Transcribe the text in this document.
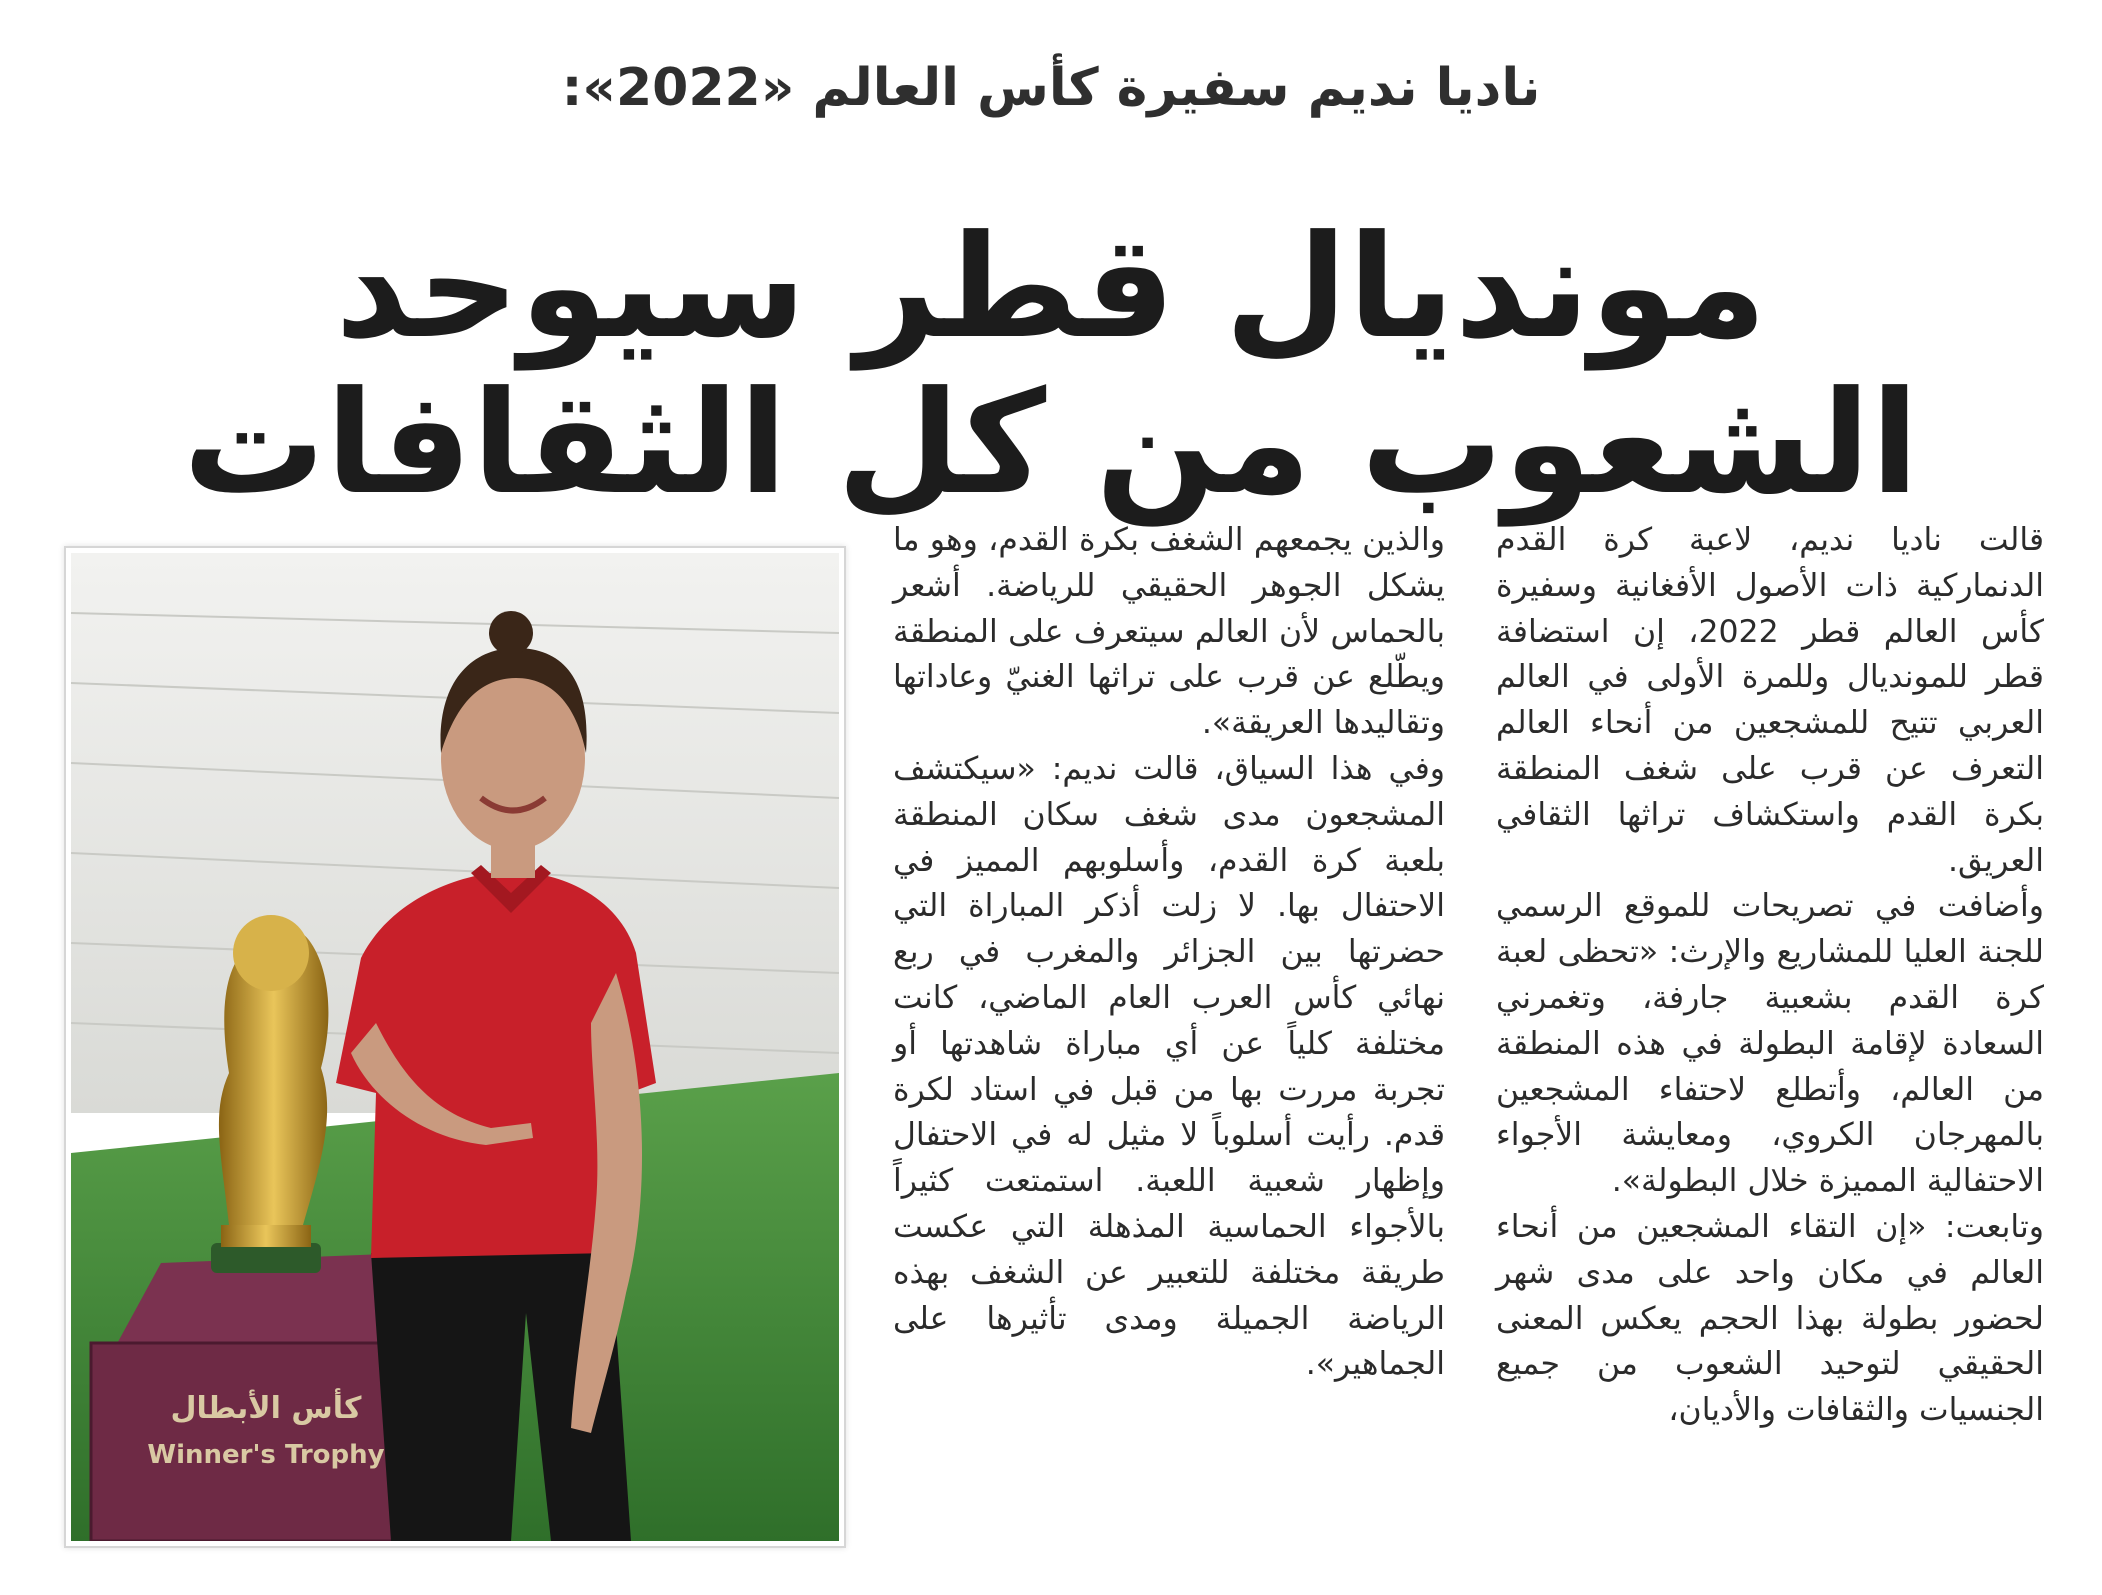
ناديا نديم سفيرة كأس العالم «2022»:
مونديال قطر سيوحد الشعوب من كل الثقافات

قالت ناديا نديم، لاعبة كرة القدم الدنماركية ذات الأصول الأفغانية وسفيرة كأس العالم قطر 2022، إن استضافة قطر للمونديال وللمرة الأولى في العالم العربي تتيح للمشجعين من أنحاء العالم التعرف عن قرب على شغف المنطقة بكرة القدم واستكشاف تراثها الثقافي العريق.

وأضافت في تصريحات للموقع الرسمي للجنة العليا للمشاريع والإرث: «تحظى لعبة كرة القدم بشعبية جارفة، وتغمرني السعادة لإقامة البطولة في هذه المنطقة من العالم، وأتطلع لاحتفاء المشجعين بالمهرجان الكروي، ومعايشة الأجواء الاحتفالية المميزة خلال البطولة».

وتابعت: «إن التقاء المشجعين من أنحاء العالم في مكان واحد على مدى شهر لحضور بطولة بهذا الحجم يعكس المعنى الحقيقي لتوحيد الشعوب من جميع الجنسيات والثقافات والأديان،

والذين يجمعهم الشغف بكرة القدم، وهو ما يشكل الجوهر الحقيقي للرياضة. أشعر بالحماس لأن العالم سيتعرف على المنطقة ويطّلع عن قرب على تراثها الغنيّ وعاداتها وتقاليدها العريقة».

وفي هذا السياق، قالت نديم: «سيكتشف المشجعون مدى شغف سكان المنطقة بلعبة كرة القدم، وأسلوبهم المميز في الاحتفال بها. لا زلت أذكر المباراة التي حضرتها بين الجزائر والمغرب في ربع نهائي كأس العرب العام الماضي، كانت مختلفة كلياً عن أي مباراة شاهدتها أو تجربة مررت بها من قبل في استاد لكرة قدم. رأيت أسلوباً لا مثيل له في الاحتفال وإظهار شعبية اللعبة. استمتعت كثيراً بالأجواء الحماسية المذهلة التي عكست طريقة مختلفة للتعبير عن الشغف بهذه الرياضة الجميلة ومدى تأثيرها على الجماهير».

كأس الأبطال
Winner's Trophy
